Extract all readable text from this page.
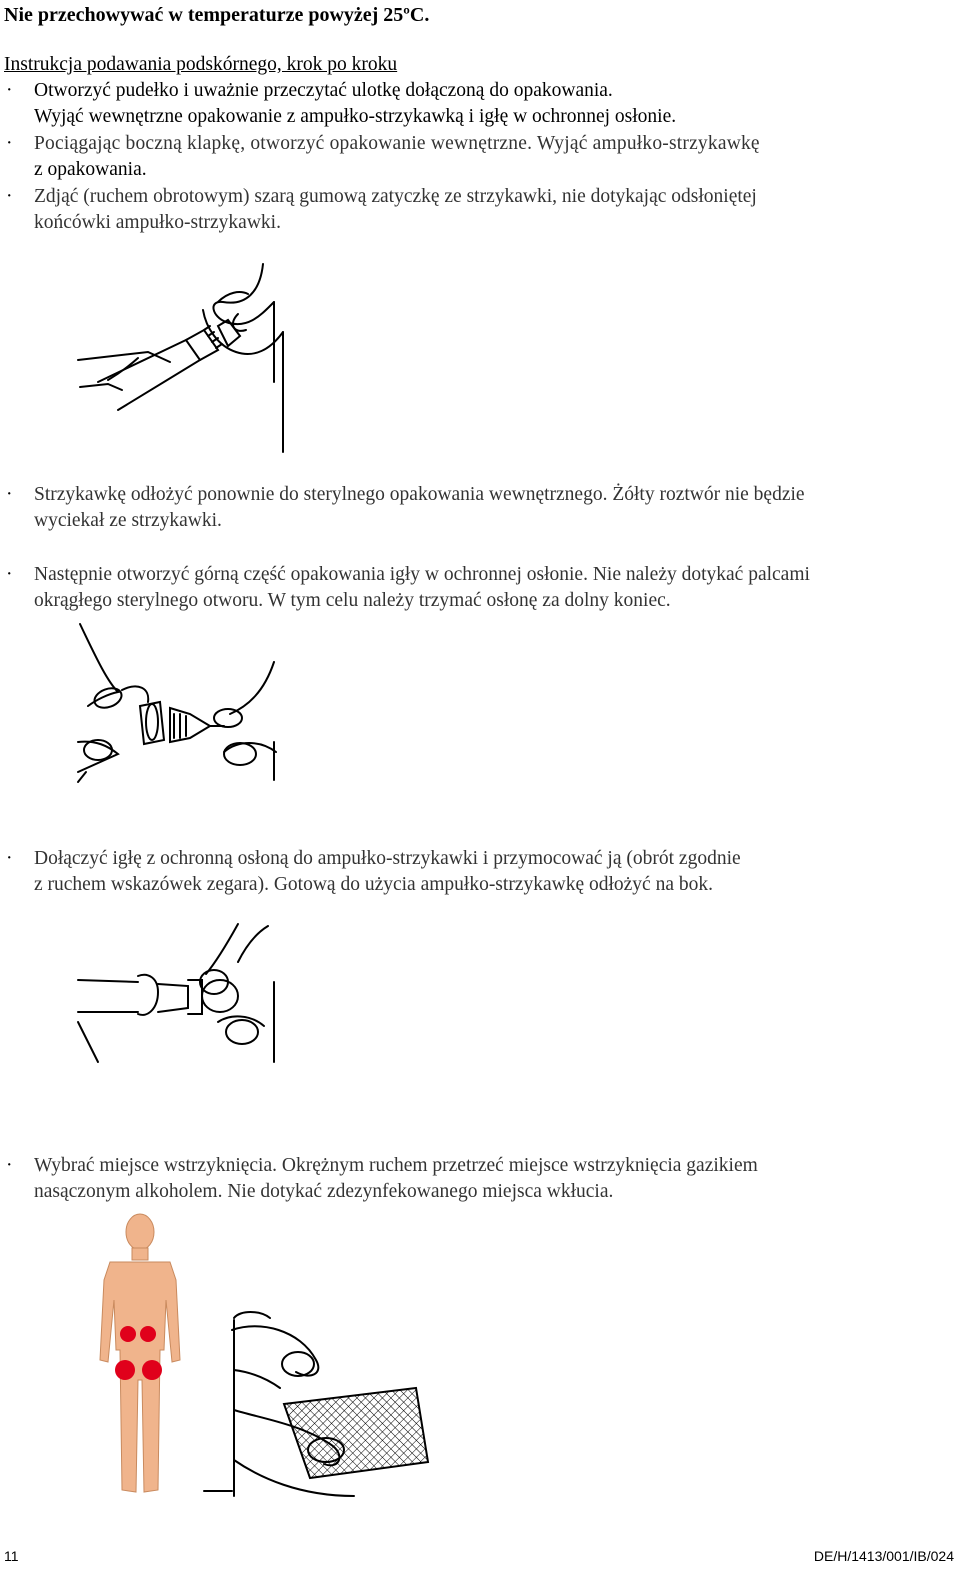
Nie przechowywać w temperaturze powyżej 25ºC.
Instrukcja podawania podskórnego, krok po kroku
· Otworzyć pudełko i uważnie przeczytać ulotkę dołączoną do opakowania.
Wyjąć wewnętrzne opakowanie z ampułko-strzykawką i igłę w ochronnej osłonie.
· Pociągając boczną klapkę, otworzyć opakowanie wewnętrzne. Wyjąć ampułko-strzykawkę
z opakowania.
· Zdjąć (ruchem obrotowym) szarą gumową zatyczkę ze strzykawki, nie dotykając odsłoniętej
końcówki ampułko-strzykawki.
· Strzykawkę odłożyć ponownie do sterylnego opakowania wewnętrznego. Żółty roztwór nie będzie
wyciekał ze strzykawki.
· Następnie otworzyć górną część opakowania igły w ochronnej osłonie. Nie należy dotykać palcami
okrągłego sterylnego otworu. W tym celu należy trzymać osłonę za dolny koniec.
· Dołączyć igłę z ochronną osłoną do ampułko-strzykawki i przymocować ją (obrót zgodnie
z ruchem wskazówek zegara). Gotową do użycia ampułko-strzykawkę odłożyć na bok.
· Wybrać miejsce wstrzyknięcia. Okrężnym ruchem przetrzeć miejsce wstrzyknięcia gazikiem
nasączonym alkoholem. Nie dotykać zdezynfekowanego miejsca wkłucia.
11	DE/H/1413/001/IB/024
